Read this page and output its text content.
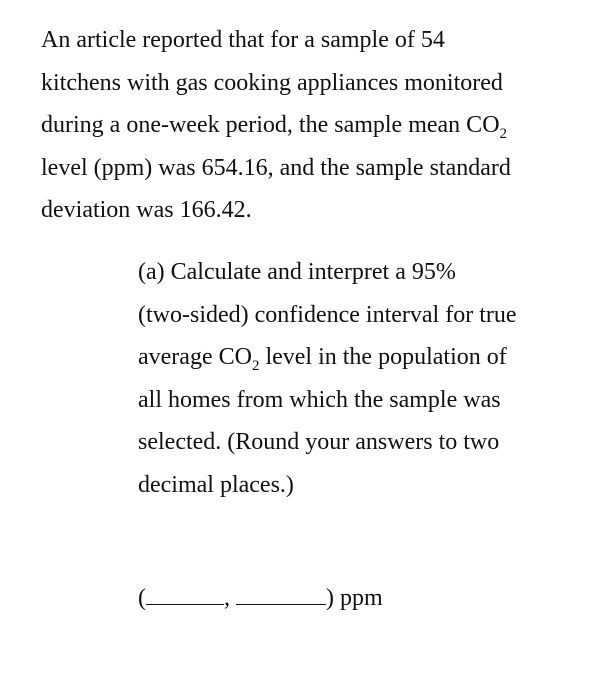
An article reported that for a sample of 54
kitchens with gas cooking appliances monitored
during a one-week period, the sample mean $CO_2$
level (ppm) was 654.16, and the sample standard
deviation was 166.42.
(a) Calculate and interpret a 95%
(two-sided) confidence interval for true
average $CO_2$ level in the population of
all homes from which the sample was
selected. (Round your answers to two
decimal places.)
(	,	) ppm
